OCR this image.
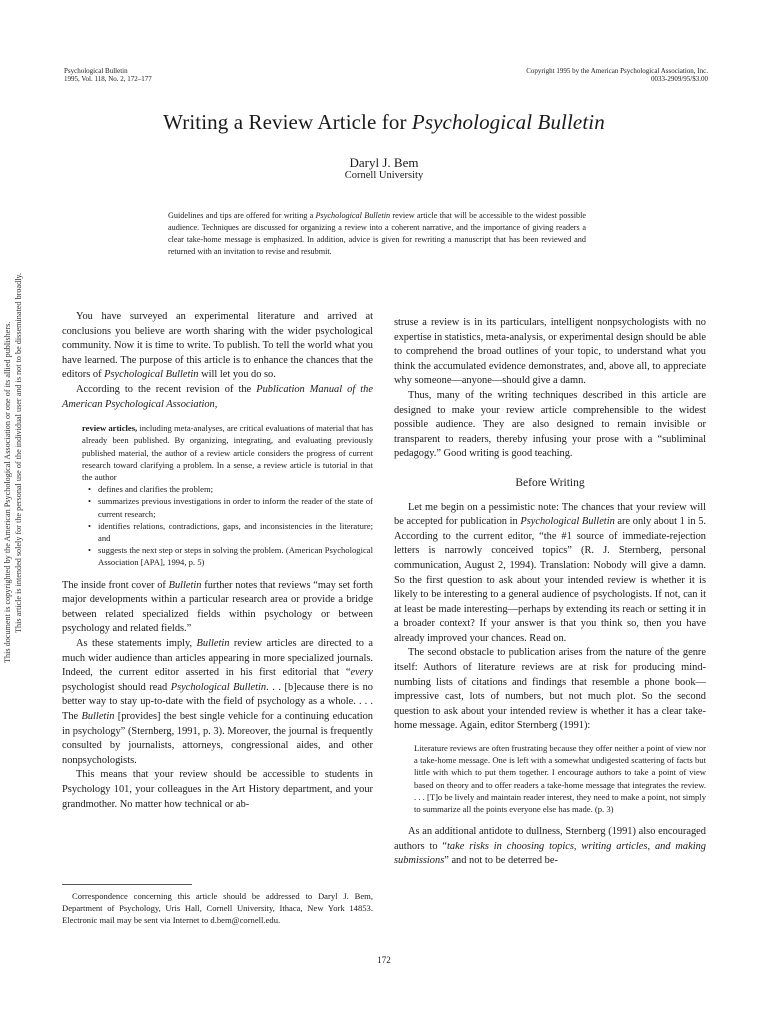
Psychological Bulletin
1995, Vol. 118, No. 2, 172–177
Copyright 1995 by the American Psychological Association, Inc.
0033-2909/95/$3.00
Writing a Review Article for Psychological Bulletin
Daryl J. Bem
Cornell University
Guidelines and tips are offered for writing a Psychological Bulletin review article that will be accessible to the widest possible audience. Techniques are discussed for organizing a review into a coherent narrative, and the importance of giving readers a clear take-home message is emphasized. In addition, advice is given for rewriting a manuscript that has been reviewed and returned with an invitation to revise and resubmit.
This document is copyrighted by the American Psychological Association or one of its allied publishers. This article is intended solely for the personal use of the individual user and is not to be disseminated broadly.	You have surveyed an experimental literature and arrived at conclusions you believe are worth sharing with the wider psychological community. Now it is time to write. To publish. To tell the world what you have learned. The purpose of this article is to enhance the chances that the editors of Psychological Bulletin will let you do so.

According to the recent revision of the Publication Manual of the American Psychological Association,

review articles, including meta-analyses, are critical evaluations of material that has already been published. By organizing, integrating, and evaluating previously published material, the author of a review article considers the progress of current research toward clarifying a problem. In a sense, a review article is tutorial in that the author
• defines and clarifies the problem;
• summarizes previous investigations in order to inform the reader of the state of current research;
• identifies relations, contradictions, gaps, and inconsistencies in the literature; and
• suggests the next step or steps in solving the problem. (American Psychological Association [APA], 1994, p. 5)

The inside front cover of Bulletin further notes that reviews “may set forth major developments within a particular research area or provide a bridge between related specialized fields within psychology or between psychology and related fields.”

As these statements imply, Bulletin review articles are directed to a much wider audience than articles appearing in more specialized journals. Indeed, the current editor asserted in his first editorial that “every psychologist should read Psychological Bulletin. . . [b]ecause there is no better way to stay up-to-date with the field of psychology as a whole. . . . The Bulletin [provides] the best single vehicle for a continuing education in psychology” (Sternberg, 1991, p. 3). Moreover, the journal is frequently consulted by journalists, attorneys, congressional aides, and other nonpsychologists.

This means that your review should be accessible to students in Psychology 101, your colleagues in the Art History department, and your grandmother. No matter how technical or ab-

Correspondence concerning this article should be addressed to Daryl J. Bem, Department of Psychology, Uris Hall, Cornell University, Ithaca, New York 14853. Electronic mail may be sent via Internet to d.bem@cornell.edu.

struse a review is in its particulars, intelligent nonpsychologists with no expertise in statistics, meta-analysis, or experimental design should be able to comprehend the broad outlines of your topic, to understand what you think the accumulated evidence demonstrates, and, above all, to appreciate why someone—anyone—should give a damn.

Thus, many of the writing techniques described in this article are designed to make your review article comprehensible to the widest possible audience. They are also designed to remain invisible or transparent to readers, thereby infusing your prose with a “subliminal pedagogy.” Good writing is good teaching.

Before Writing

Let me begin on a pessimistic note: The chances that your review will be accepted for publication in Psychological Bulletin are only about 1 in 5. According to the current editor, “the #1 source of immediate-rejection letters is narrowly conceived topics” (R. J. Sternberg, personal communication, August 2, 1994). Translation: Nobody will give a damn. So the first question to ask about your intended review is whether it is likely to be interesting to a general audience of psychologists. If not, can it at least be made interesting—perhaps by extending its reach or setting it in a broader context? If your answer is that you think so, then you have already improved your chances. Read on.

The second obstacle to publication arises from the nature of the genre itself: Authors of literature reviews are at risk for producing mind-numbing lists of citations and findings that resemble a phone book—impressive cast, lots of numbers, but not much plot. So the second question to ask about your intended review is whether it has a clear take-home message. Again, editor Sternberg (1991):

Literature reviews are often frustrating because they offer neither a point of view nor a take-home message. One is left with a somewhat undigested scattering of facts but little with which to put them together. I encourage authors to take a point of view based on theory and to offer readers a take-home message that integrates the review. . . . [T]o be lively and maintain reader interest, they need to make a point, not simply to summarize all the points everyone else has made. (p. 3)

As an additional antidote to dullness, Sternberg (1991) also encouraged authors to “take risks in choosing topics, writing articles, and making submissions” and not to be deterred be-

172
